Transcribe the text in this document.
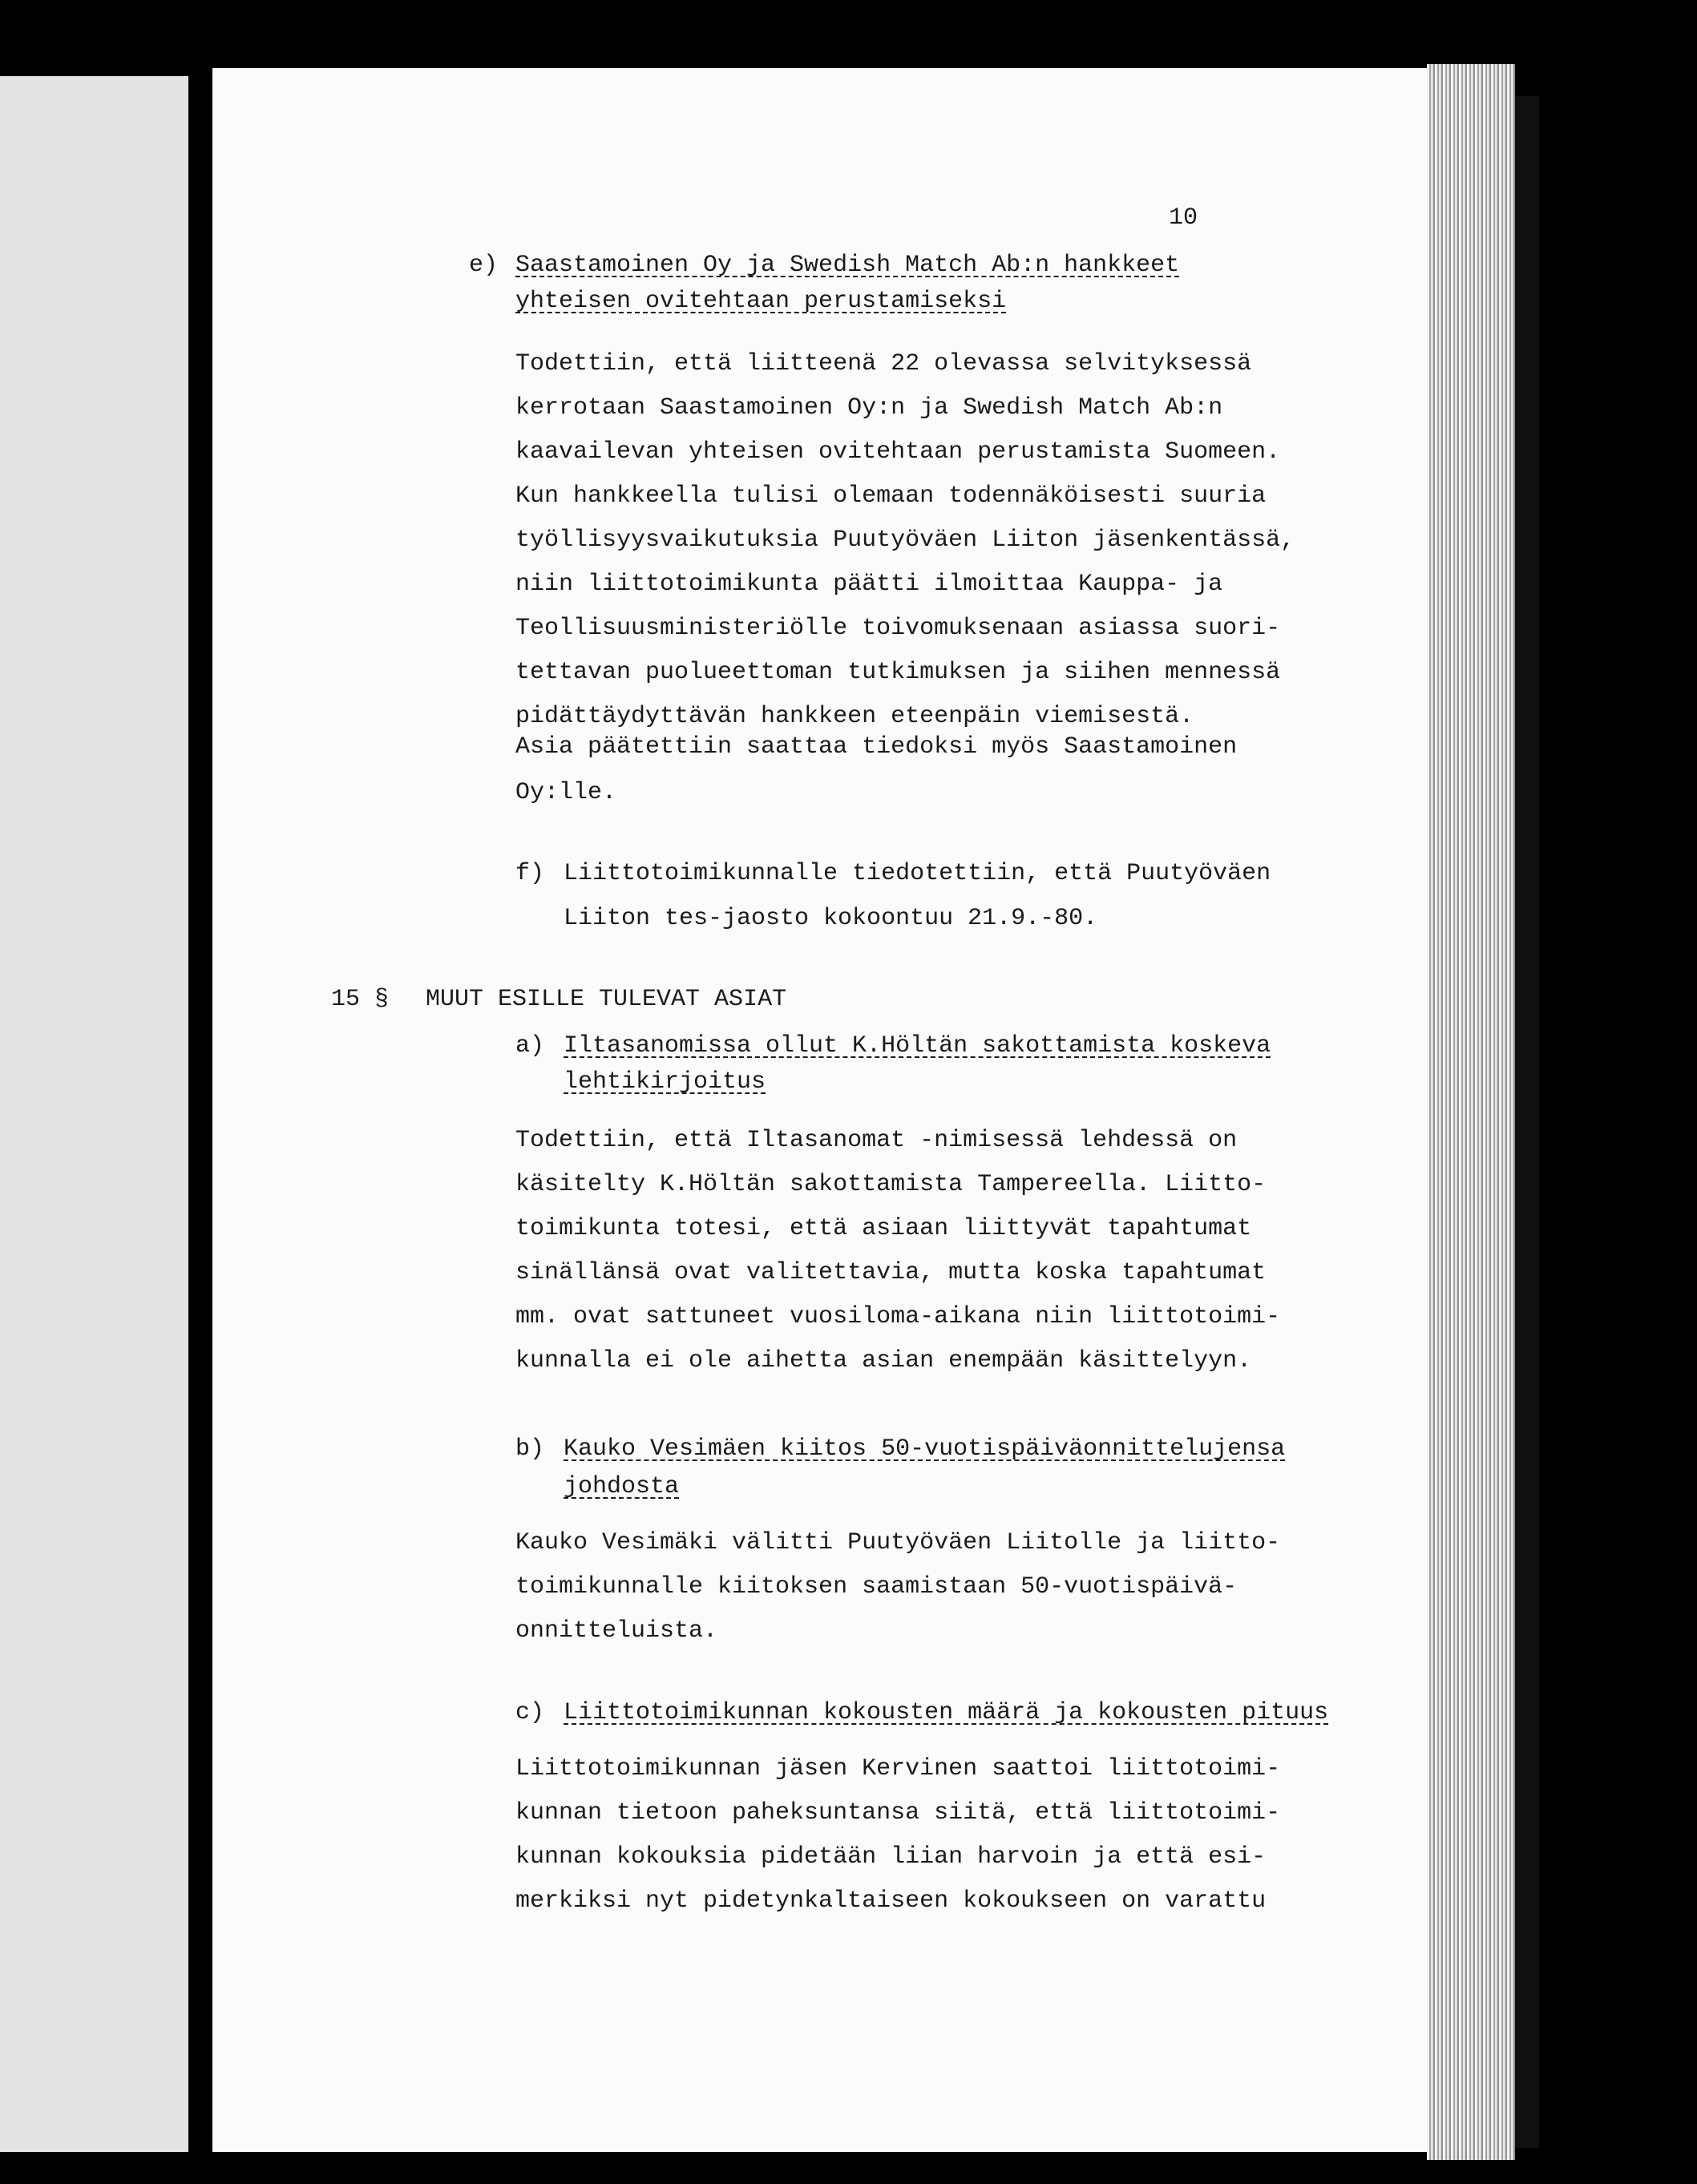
10
e) Saastamoinen Oy ja Swedish Match Ab:n hankkeet
yhteisen ovitehtaan perustamiseksi
Todettiin, että liitteenä 22 olevassa selvityksessä
kerrotaan Saastamoinen Oy:n ja Swedish Match Ab:n
kaavailevan yhteisen ovitehtaan perustamista Suomeen.
Kun hankkeella tulisi olemaan todennäköisesti suuria
työllisyysvaikutuksia Puutyöväen Liiton jäsenkentässä,
niin liittotoimikunta päätti ilmoittaa Kauppa- ja
Teollisuusministeriölle toivomuksenaan asiassa suori-
tettavan puolueettoman tutkimuksen ja siihen mennessä
pidättäydyttävän hankkeen eteenpäin viemisestä.
Asia päätettiin saattaa tiedoksi myös Saastamoinen
Oy:lle.
f) Liittotoimikunnalle tiedotettiin, että Puutyöväen
Liiton tes-jaosto kokoontuu 21.9.-80.
15 § MUUT ESILLE TULEVAT ASIAT
a) Iltasanomissa ollut K.Höltän sakottamista koskeva
lehtikirjoitus
Todettiin, että Iltasanomat -nimisessä lehdessä on
käsitelty K.Höltän sakottamista Tampereella. Liitto-
toimikunta totesi, että asiaan liittyvät tapahtumat
sinällänsä ovat valitettavia, mutta koska tapahtumat
mm. ovat sattuneet vuosiloma-aikana niin liittotoimi-
kunnalla ei ole aihetta asian enempään käsittelyyn.
b) Kauko Vesimäen kiitos 50-vuotispäiväonnittelujensa
johdosta
Kauko Vesimäki välitti Puutyöväen Liitolle ja liitto-
toimikunnalle kiitoksen saamistaan 50-vuotispäivä-
onnitteluista.
c) Liittotoimikunnan kokousten määrä ja kokousten pituus
Liittotoimikunnan jäsen Kervinen saattoi liittotoimi-
kunnan tietoon paheksuntansa siitä, että liittotoimi-
kunnan kokouksia pidetään liian harvoin ja että esi-
merkiksi nyt pidetynkaltaiseen kokoukseen on varattu
